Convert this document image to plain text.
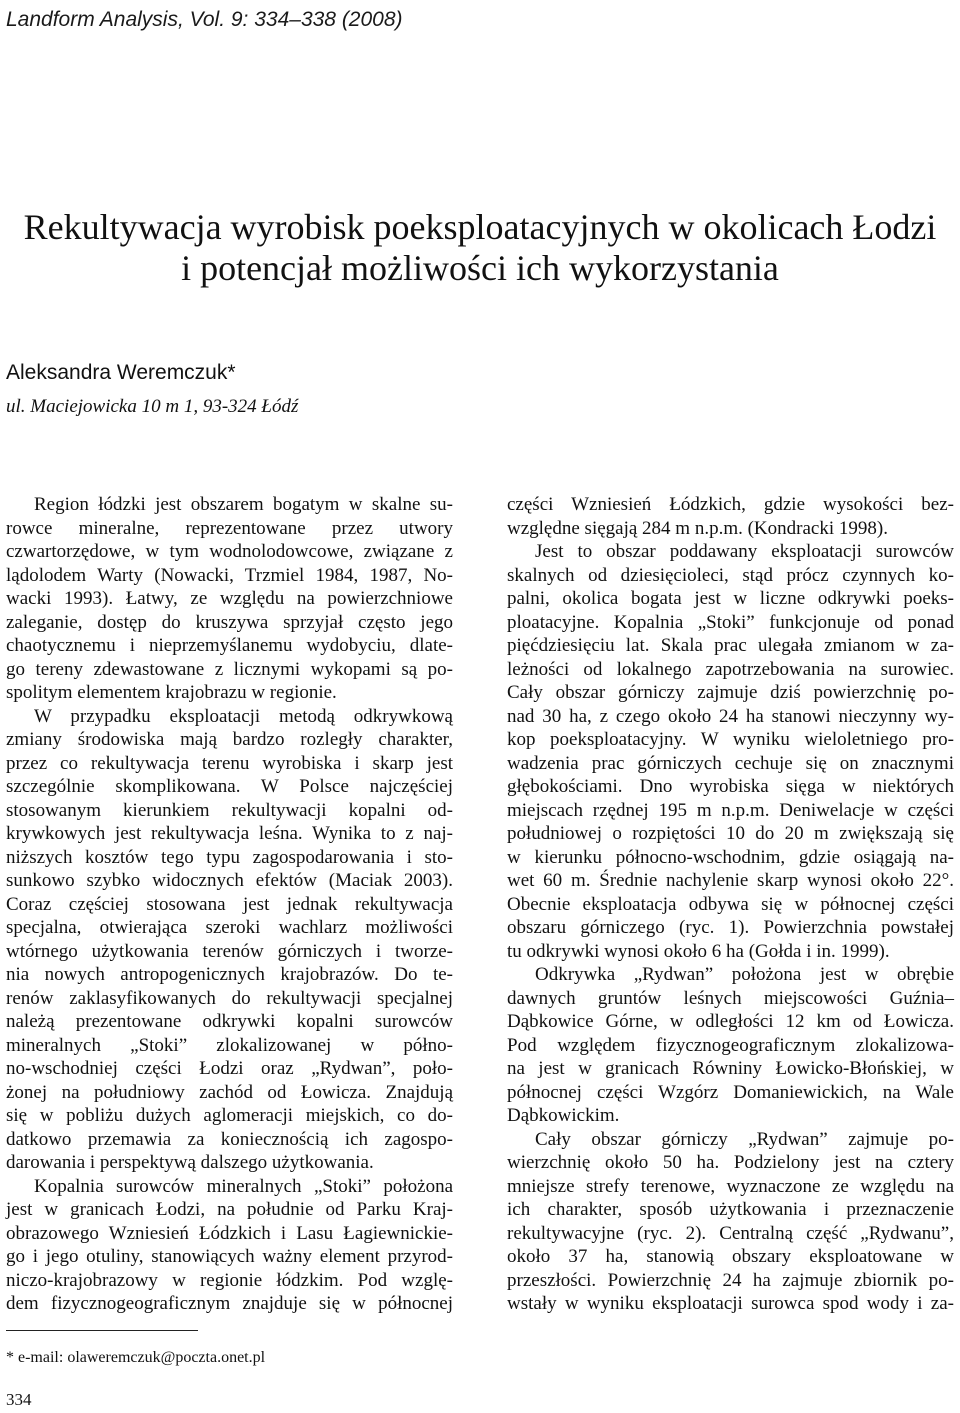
Landform Analysis, Vol. 9: 334–338 (2008)
Rekultywacja wyrobisk poeksploatacyjnych w okolicach Łodzi
i potencjał możliwości ich wykorzystania
Aleksandra Weremczuk*
ul. Maciejowicka 10 m 1, 93-324 Łódź
Region łódzki jest obszarem bogatym w skalne su-
rowce mineralne, reprezentowane przez utwory
czwartorzędowe, w tym wodnolodowcowe, związane z
lądolodem Warty (Nowacki, Trzmiel 1984, 1987, No-
wacki 1993). Łatwy, ze względu na powierzchniowe
zaleganie, dostęp do kruszywa sprzyjał często jego
chaotycznemu i nieprzemyślanemu wydobyciu, dlate-
go tereny zdewastowane z licznymi wykopami są po-
spolitym elementem krajobrazu w regionie.
W przypadku eksploatacji metodą odkrywkową
zmiany środowiska mają bardzo rozległy charakter,
przez co rekultywacja terenu wyrobiska i skarp jest
szczególnie skomplikowana. W Polsce najczęściej
stosowanym kierunkiem rekultywacji kopalni od-
krywkowych jest rekultywacja leśna. Wynika to z naj-
niższych kosztów tego typu zagospodarowania i sto-
sunkowo szybko widocznych efektów (Maciak 2003).
Coraz częściej stosowana jest jednak rekultywacja
specjalna, otwierająca szeroki wachlarz możliwości
wtórnego użytkowania terenów górniczych i tworze-
nia nowych antropogenicznych krajobrazów. Do te-
renów zaklasyfikowanych do rekultywacji specjalnej
należą prezentowane odkrywki kopalni surowców
mineralnych „Stoki” zlokalizowanej w półno-
no-wschodniej części Łodzi oraz „Rydwan”, poło-
żonej na południowy zachód od Łowicza. Znajdują
się w pobliżu dużych aglomeracji miejskich, co do-
datkowo przemawia za koniecznością ich zagospo-
darowania i perspektywą dalszego użytkowania.
Kopalnia surowców mineralnych „Stoki” położona
jest w granicach Łodzi, na południe od Parku Kraj-
obrazowego Wzniesień Łódzkich i Lasu Łagiewnickie-
go i jego otuliny, stanowiących ważny element przyrod-
niczo-krajobrazowy w regionie łódzkim. Pod wzglę-
dem fizycznogeograficznym znajduje się w północnej
części Wzniesień Łódzkich, gdzie wysokości bez-
względne sięgają 284 m n.p.m. (Kondracki 1998).
Jest to obszar poddawany eksploatacji surowców
skalnych od dziesięcioleci, stąd prócz czynnych ko-
palni, okolica bogata jest w liczne odkrywki poeks-
ploatacyjne. Kopalnia „Stoki” funkcjonuje od ponad
pięćdziesięciu lat. Skala prac ulegała zmianom w za-
leżności od lokalnego zapotrzebowania na surowiec.
Cały obszar górniczy zajmuje dziś powierzchnię po-
nad 30 ha, z czego około 24 ha stanowi nieczynny wy-
kop poeksploatacyjny. W wyniku wieloletniego pro-
wadzenia prac górniczych cechuje się on znacznymi
głębokościami. Dno wyrobiska sięga w niektórych
miejscach rzędnej 195 m n.p.m. Deniwelacje w części
południowej o rozpiętości 10 do 20 m zwiększają się
w kierunku północno-wschodnim, gdzie osiągają na-
wet 60 m. Średnie nachylenie skarp wynosi około 22°.
Obecnie eksploatacja odbywa się w północnej części
obszaru górniczego (ryc. 1). Powierzchnia powstałej
tu odkrywki wynosi około 6 ha (Gołda i in. 1999).
Odkrywka „Rydwan” położona jest w obrębie
dawnych gruntów leśnych miejscowości Guźnia–
Dąbkowice Górne, w odległości 12 km od Łowicza.
Pod względem fizycznogeograficznym zlokalizowa-
na jest w granicach Równiny Łowicko-Błońskiej, w
północnej części Wzgórz Domaniewickich, na Wale
Dąbkowickim.
Cały obszar górniczy „Rydwan” zajmuje po-
wierzchnię około 50 ha. Podzielony jest na cztery
mniejsze strefy terenowe, wyznaczone ze względu na
ich charakter, sposób użytkowania i przeznaczenie
rekultywacyjne (ryc. 2). Centralną część „Rydwanu”,
około 37 ha, stanowią obszary eksploatowane w
przeszłości. Powierzchnię 24 ha zajmuje zbiornik po-
wstały w wyniku eksploatacji surowca spod wody i za-
* e-mail: olaweremczuk@poczta.onet.pl
334
